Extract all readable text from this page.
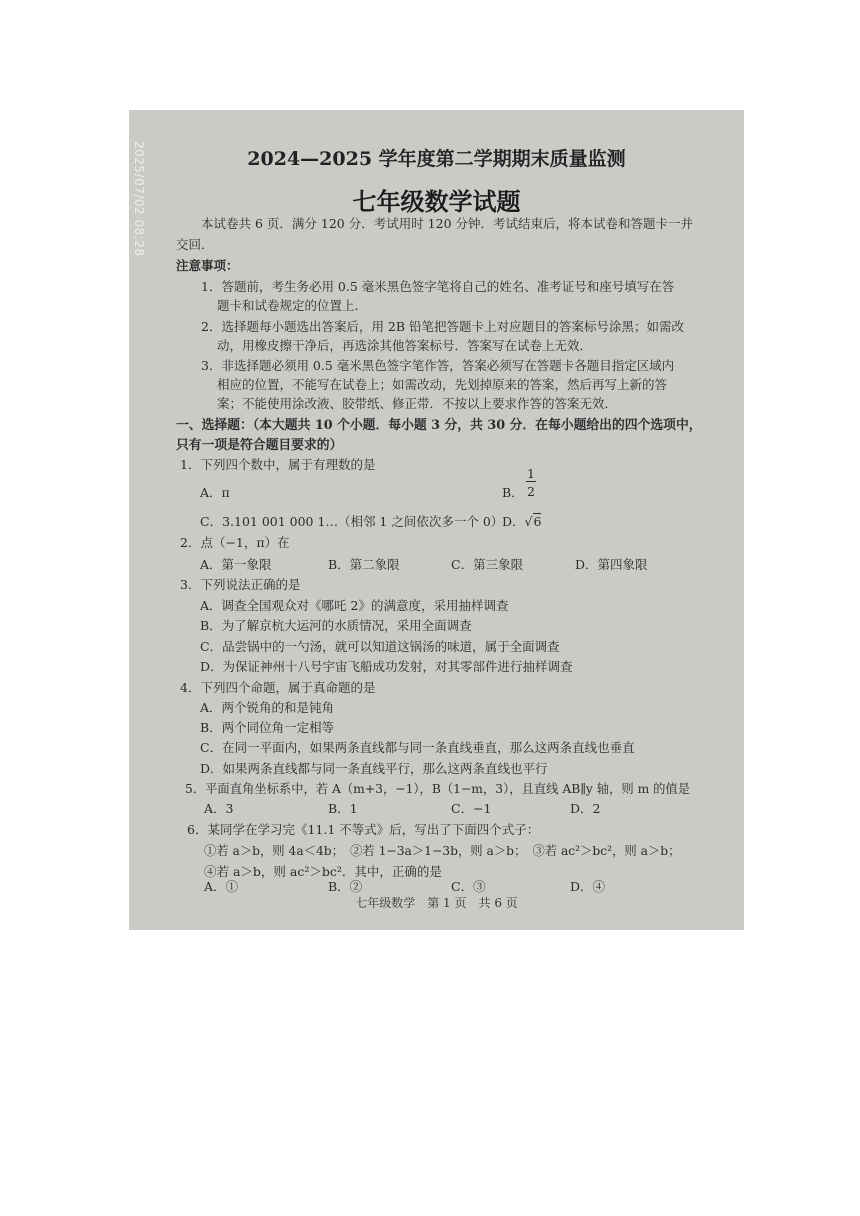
2025/07/02 08:28	2024—2025 学年度第二学期期末质量监测
七年级数学试题
本试卷共 6 页．满分 120 分．考试用时 120 分钟．考试结束后，将本试卷和答题卡一并
交回．
注意事项：
1．答题前，考生务必用 0.5 毫米黑色签字笔将自己的姓名、准考证号和座号填写在答
题卡和试卷规定的位置上．
2．选择题每小题选出答案后，用 2B 铅笔把答题卡上对应题目的答案标号涂黑；如需改
动，用橡皮擦干净后，再选涂其他答案标号．答案写在试卷上无效．
3．非选择题必须用 0.5 毫米黑色签字笔作答，答案必须写在答题卡各题目指定区域内
相应的位置，不能写在试卷上；如需改动，先划掉原来的答案，然后再写上新的答
案；不能使用涂改液、胶带纸、修正带．不按以上要求作答的答案无效．
一、选择题：（本大题共 10 个小题．每小题 3 分，共 30 分．在每小题给出的四个选项中，
只有一项是符合题目要求的）
1．下列四个数中，属于有理数的是
A．π	B．
1
2
C．3.101 001 000 1…（相邻 1 之间依次多一个 0）
D．√6
2．点（−1，π）在
A．第一象限	B．第二象限	C．第三象限	D．第四象限
3．下列说法正确的是
A．调查全国观众对《哪吒 2》的满意度，采用抽样调查
B．为了解京杭大运河的水质情况，采用全面调查
C．品尝锅中的一勺汤，就可以知道这锅汤的味道，属于全面调查
D．为保证神州十八号宇宙飞船成功发射，对其零部件进行抽样调查
4．下列四个命题，属于真命题的是
A．两个锐角的和是钝角
B．两个同位角一定相等
C．在同一平面内，如果两条直线都与同一条直线垂直，那么这两条直线也垂直
D．如果两条直线都与同一条直线平行，那么这两条直线也平行
5．平面直角坐标系中，若 A（m+3，−1），B（1−m，3），且直线 AB∥y 轴，则 m 的值是
A．3	B．1	C．−1	D．2
6．某同学在学习完《11.1 不等式》后，写出了下面四个式子：
①若 a＞b，则 4a＜4b；　②若 1−3a＞1−3b，则 a＞b；　③若 ac²＞bc²，则 a＞b；
④若 a＞b，则 ac²＞bc²．其中，正确的是
A．①	B．②	C．③	D．④
七年级数学　第 1 页　共 6 页
